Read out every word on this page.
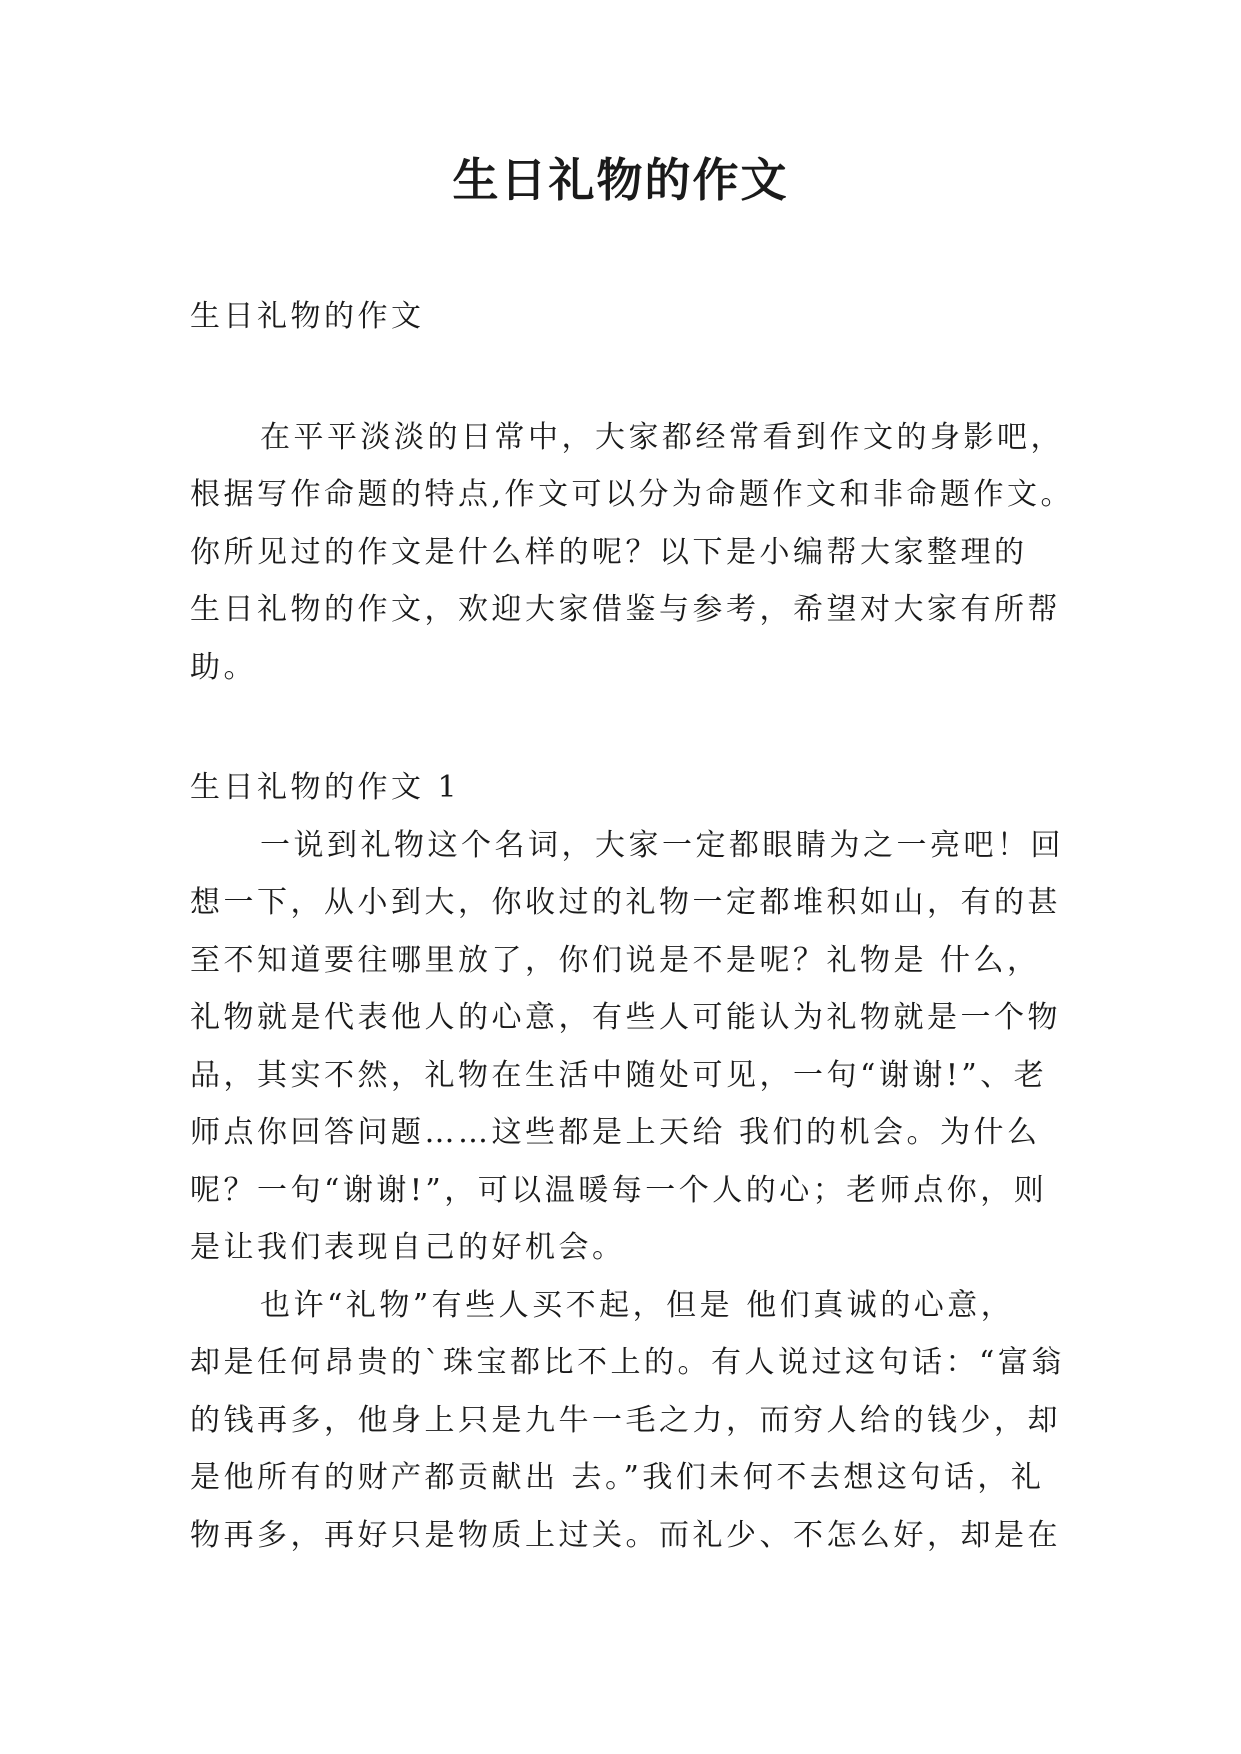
生日礼物的作文
生日礼物的作文
在平平淡淡的日常中，大家都经常看到作文的身影吧，
根据写作命题的特点,作文可以分为命题作文和非命题作文。
你所见过的作文是什么样的呢？以下是小编帮大家整理的
生日礼物的作文，欢迎大家借鉴与参考，希望对大家有所帮
助。
生日礼物的作文 1
一说到礼物这个名词，大家一定都眼睛为之一亮吧！回
想一下，从小到大，你收过的礼物一定都堆积如山，有的甚
至不知道要往哪里放了，你们说是不是呢？礼物是 什么，
礼物就是代表他人的心意，有些人可能认为礼物就是一个物
品，其实不然，礼物在生活中随处可见，一句“谢谢!”、老
师点你回答问题……这些都是上天给 我们的机会。为什么
呢？一句“谢谢!”，可以温暖每一个人的心；老师点你，则
是让我们表现自己的好机会。
也许“礼物”有些人买不起，但是 他们真诚的心意，
却是任何昂贵的`珠宝都比不上的。有人说过这句话：“富翁
的钱再多，他身上只是九牛一毛之力，而穷人给的钱少，却
是他所有的财产都贡献出 去。”我们未何不去想这句话，礼
物再多，再好只是物质上过关。而礼少、不怎么好，却是在
